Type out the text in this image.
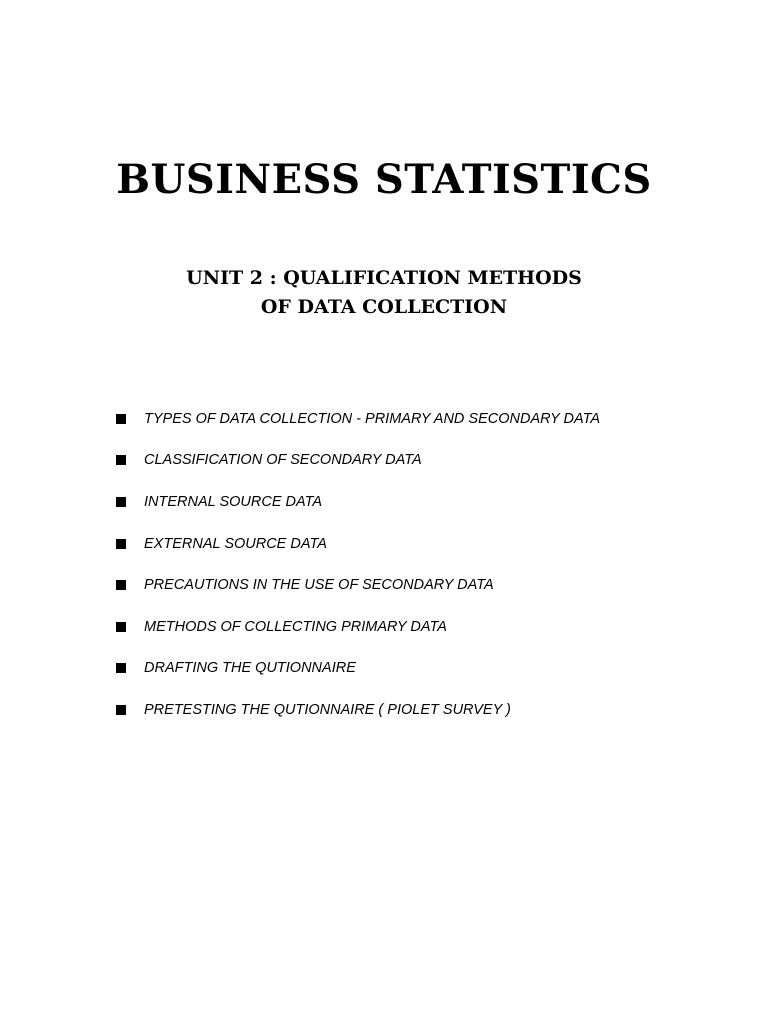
BUSINESS STATISTICS
UNIT 2 : QUALIFICATION METHODS
OF DATA COLLECTION
TYPES OF DATA COLLECTION - PRIMARY AND SECONDARY DATA
CLASSIFICATION OF SECONDARY DATA
INTERNAL SOURCE DATA
EXTERNAL SOURCE DATA
PRECAUTIONS IN THE USE OF SECONDARY DATA
METHODS OF COLLECTING PRIMARY DATA
DRAFTING THE QUTIONNAIRE
PRETESTING THE QUTIONNAIRE ( PIOLET SURVEY )
